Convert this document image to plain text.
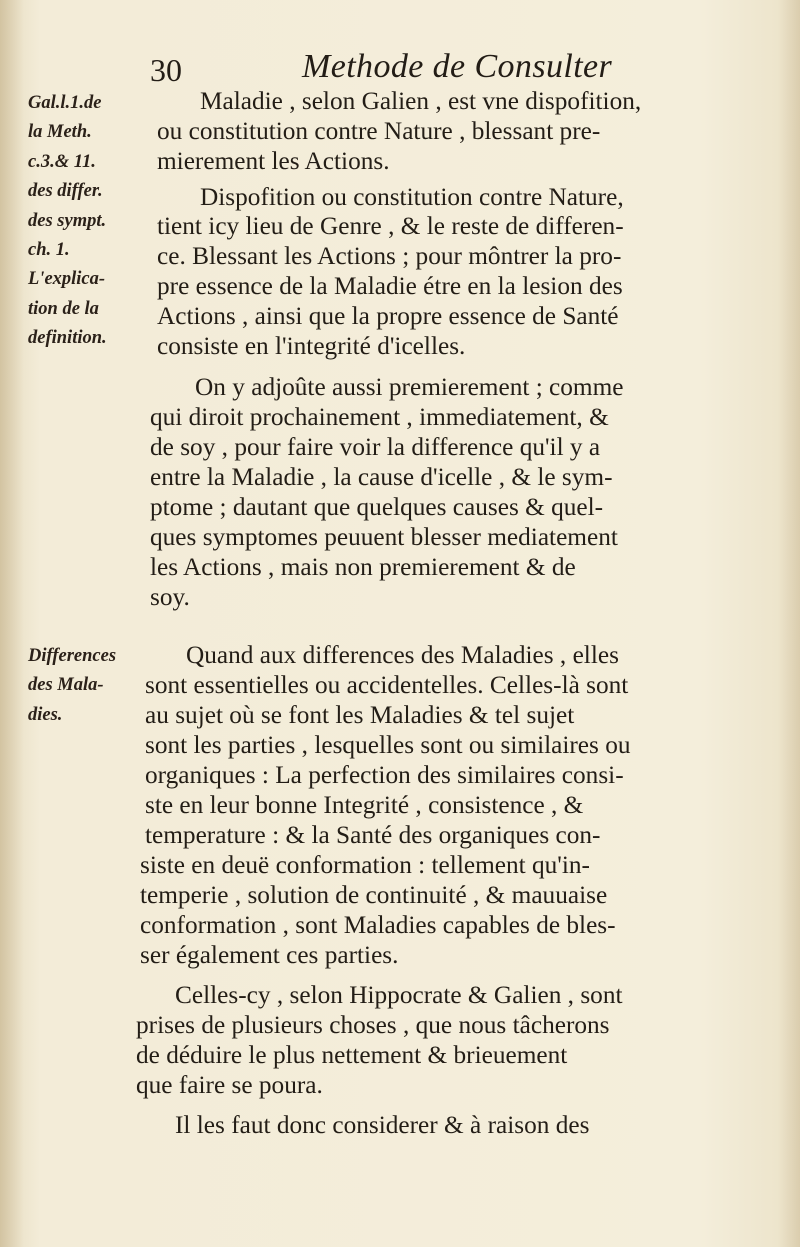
30	Methode de Consulter
Gal.l.1.de
la Meth.
c.3.& 11.
des differ.
des sympt.
ch. 1.
L'explica-
tion de la
definition.
Differences
des Mala-
dies.
Maladie , selon Galien , est vne dispofition,
ou constitution contre Nature , blessant pre-
mierement les Actions.
Dispofition ou constitution contre Nature,
tient icy lieu de Genre , & le reste de differen-
ce. Blessant les Actions ; pour môntrer la pro-
pre essence de la Maladie étre en la lesion des
Actions , ainsi que la propre essence de Santé
consiste en l'integrité d'icelles.
On y adjoûte aussi premierement ; comme
qui diroit prochainement , immediatement, &
de soy , pour faire voir la difference qu'il y a
entre la Maladie , la cause d'icelle , & le sym-
ptome ; dautant que quelques causes & quel-
ques symptomes peuuent blesser mediatement
les Actions , mais non premierement & de
soy.
Quand aux differences des Maladies , elles
sont essentielles ou accidentelles. Celles-là sont
au sujet où se font les Maladies & tel sujet
sont les parties , lesquelles sont ou similaires ou
organiques : La perfection des similaires consi-
ste en leur bonne Integrité , consistence , &
temperature : & la Santé des organiques con-
siste en deuë conformation : tellement qu'in-
temperie , solution de continuité , & mauuaise
conformation , sont Maladies capables de bles-
ser également ces parties.
Celles-cy , selon Hippocrate & Galien , sont
prises de plusieurs choses , que nous tâcherons
de déduire le plus nettement & brieuement
que faire se poura.
Il les faut donc considerer & à raison des
